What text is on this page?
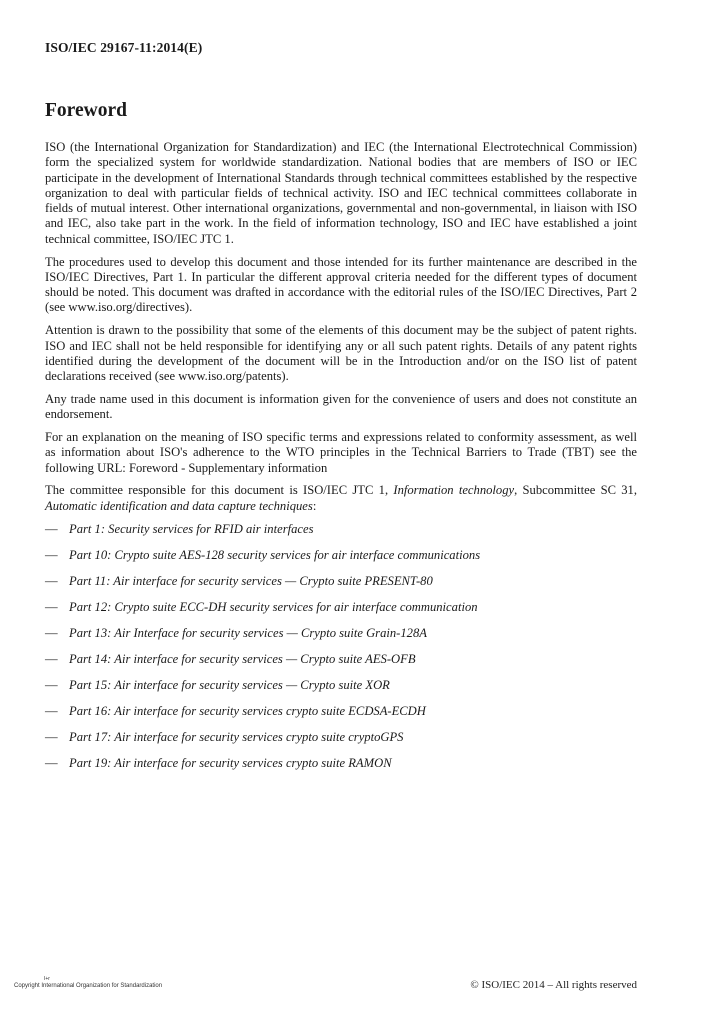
ISO/IEC 29167-11:2014(E)
Foreword

ISO (the International Organization for Standardization) and IEC (the International Electrotechnical Commission) form the specialized system for worldwide standardization. National bodies that are members of ISO or IEC participate in the development of International Standards through technical committees established by the respective organization to deal with particular fields of technical activity. ISO and IEC technical committees collaborate in fields of mutual interest. Other international organizations, governmental and non-governmental, in liaison with ISO and IEC, also take part in the work. In the field of information technology, ISO and IEC have established a joint technical committee, ISO/IEC JTC 1.

The procedures used to develop this document and those intended for its further maintenance are described in the ISO/IEC Directives, Part 1. In particular the different approval criteria needed for the different types of document should be noted. This document was drafted in accordance with the editorial rules of the ISO/IEC Directives, Part 2 (see www.iso.org/directives).

Attention is drawn to the possibility that some of the elements of this document may be the subject of patent rights. ISO and IEC shall not be held responsible for identifying any or all such patent rights. Details of any patent rights identified during the development of the document will be in the Introduction and/or on the ISO list of patent declarations received (see www.iso.org/patents).

Any trade name used in this document is information given for the convenience of users and does not constitute an endorsement.

For an explanation on the meaning of ISO specific terms and expressions related to conformity assessment, as well as information about ISO's adherence to the WTO principles in the Technical Barriers to Trade (TBT) see the following URL: Foreword - Supplementary information

The committee responsible for this document is ISO/IEC JTC 1, Information technology, Subcommittee SC 31, Automatic identification and data capture techniques:

— Part 1: Security services for RFID air interfaces
— Part 10: Crypto suite AES-128 security services for air interface communications
— Part 11: Air interface for security services — Crypto suite PRESENT-80
— Part 12: Crypto suite ECC-DH security services for air interface communication
— Part 13: Air Interface for security services — Crypto suite Grain-128A
— Part 14: Air interface for security services — Crypto suite AES-OFB
— Part 15: Air interface for security services — Crypto suite XOR
— Part 16: Air interface for security services crypto suite ECDSA-ECDH
— Part 17: Air interface for security services crypto suite cryptoGPS
— Part 19: Air interface for security services crypto suite RAMON
I+r
Copyright International Organization for Standardization	© ISO/IEC 2014 – All rights reserved
